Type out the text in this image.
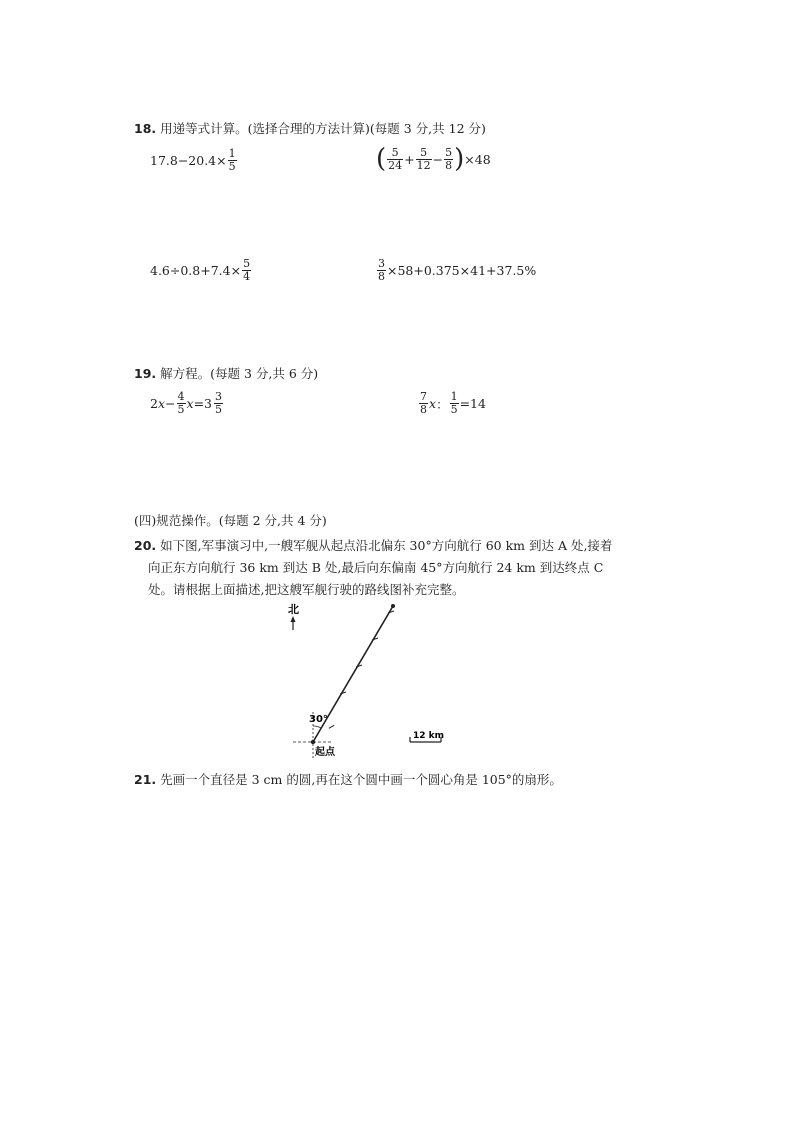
18. 用递等式计算。(选择合理的方法计算)(每题 3 分,共 12 分)
$17.8-20.4\times \frac{1}{5}$	( $\frac{5}{24} + \frac{5}{12} - \frac{5}{8}$ ) ×48
$4.6\div 0.8+7.4\times \frac{5}{4}$	$\frac{3}{8} \times 58+0.375\times 41+37.5\%$
19. 解方程。(每题 3 分,共 6 分)
2 $x - \frac{4}{5}$ $x =3 \frac{3}{5}$	$\frac{7}{8}$ x ： $\frac{1}{5} =14$
(四)规范操作。(每题 2 分,共 4 分)
20. 如下图,军事演习中,一艘军舰从起点沿北偏东 30°方向航行 60 km 到达 A 处,接着
向正东方向航行 36 km 到达 B 处,最后向东偏南 45°方向航行 24 km 到达终点 C
处。请根据上面描述,把这艘军舰行驶的路线图补充完整。
北
30°
起点
12 km
21. 先画一个直径是 3 cm 的圆,再在这个圆中画一个圆心角是 105°的扇形。
